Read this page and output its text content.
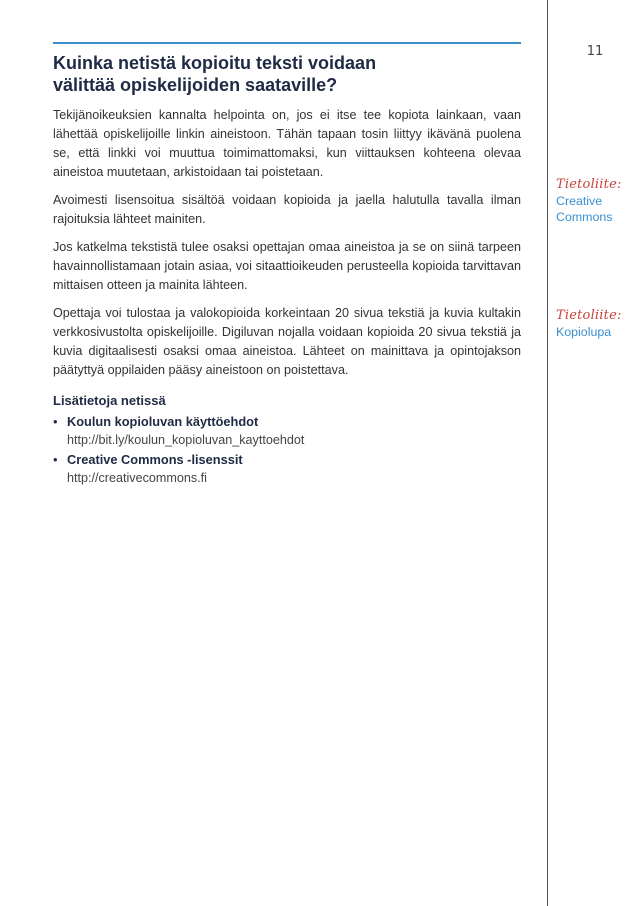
11
Kuinka netistä kopioitu teksti voidaan
välittää opiskelijoiden saataville?

Tekijänoikeuksien kannalta helpointa on, jos ei itse tee kopiota lainkaan, vaan lähettää opiskelijoille linkin aineistoon. Tähän tapaan tosin liittyy ikävänä puolena se, että linkki voi muuttua toimimattomaksi, kun viittauksen kohteena olevaa aineistoa muutetaan, arkistoidaan tai poistetaan.

Avoimesti lisensoitua sisältöä voidaan kopioida ja jaella halutulla tavalla ilman rajoituksia lähteet mainiten.

Jos katkelma tekstistä tulee osaksi opettajan omaa aineistoa ja se on siinä tarpeen havainnollistamaan jotain asiaa, voi sitaattioikeuden perusteella kopioida tarvittavan mittaisen otteen ja mainita lähteen.

Opettaja voi tulostaa ja valokopioida korkeintaan 20 sivua tekstiä ja kuvia kultakin verkkosivustolta opiskelijoille. Digiluvan nojalla voidaan kopioida 20 sivua tekstiä ja kuvia digitaalisesti osaksi omaa aineistoa. Lähteet on mainittava ja opintojakson päätyttyä oppilaiden pääsy aineistoon on poistettava.

Lisätietoja netissä
• Koulun kopioluvan käyttöehdot
http://bit.ly/koulun_kopioluvan_kayttoehdot
• Creative Commons -lisenssit
http://creativecommons.fi
Tietoliite:
Creative
Commons
Tietoliite:
Kopiolupa
